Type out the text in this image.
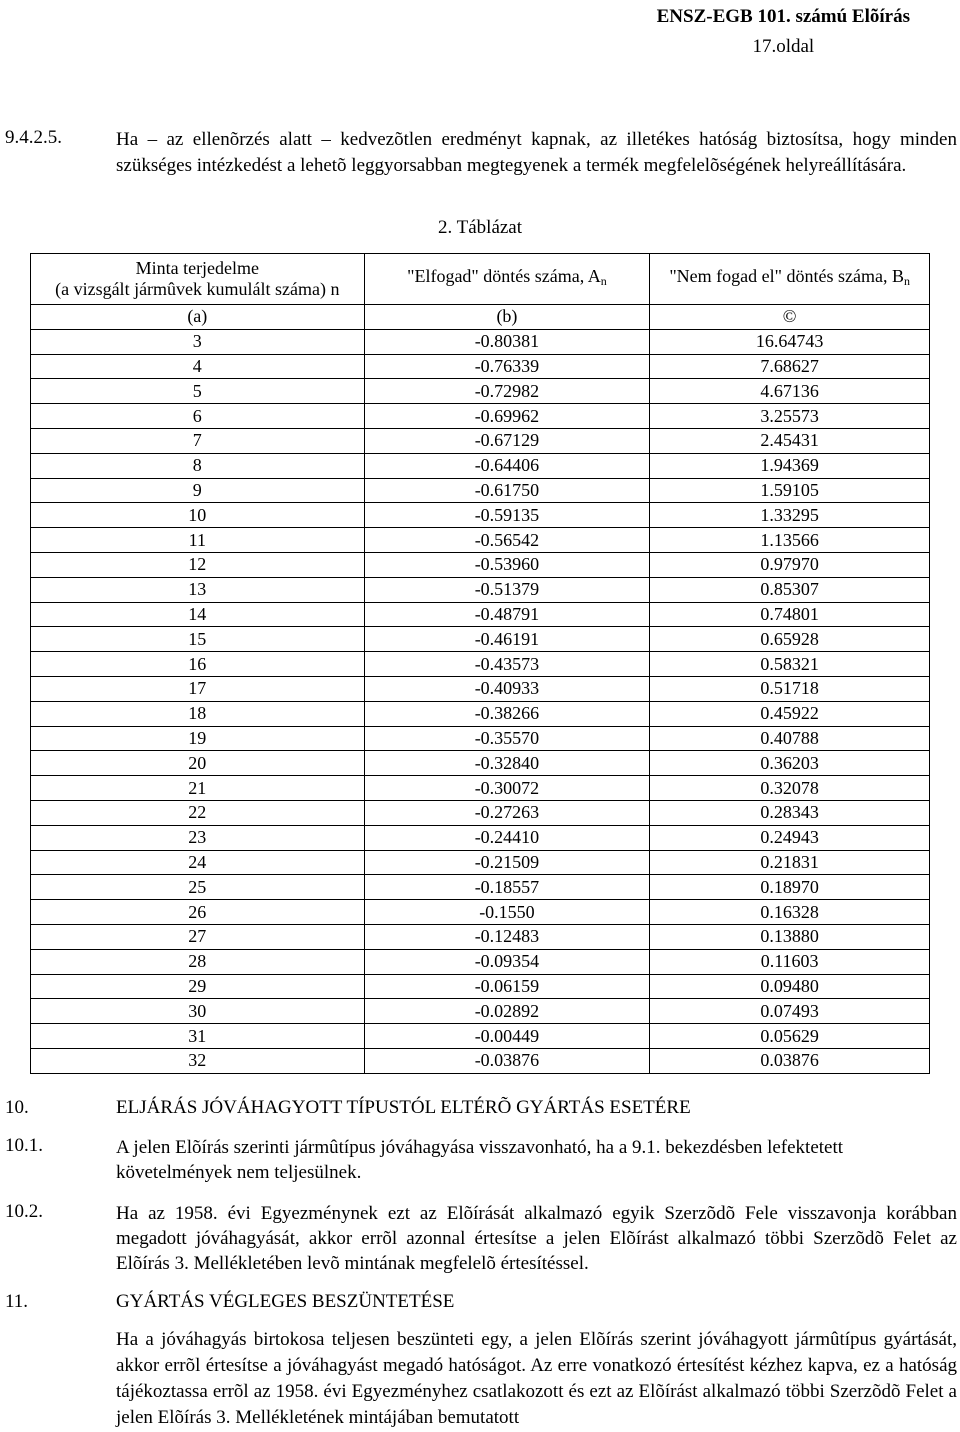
ENSZ-EGB 101. számú Elõírás
17.oldal
9.4.2.5.	Ha – az ellenõrzés alatt – kedvezõtlen eredményt kapnak, az illetékes hatóság biztosítsa, hogy minden szükséges intézkedést a lehetõ leggyorsabban megtegyenek a termék megfelelõségének helyreállítására.
2. Táblázat
Minta terjedelme
(a vizsgált jármûvek kumulált száma) n	"Elfogad" döntés száma, $A_n$	"Nem fogad el" döntés száma, $B_n$
(a)	(b)	©
3	-0.80381	16.64743
4	-0.76339	7.68627
5	-0.72982	4.67136
6	-0.69962	3.25573
7	-0.67129	2.45431
8	-0.64406	1.94369
9	-0.61750	1.59105
10	-0.59135	1.33295
11	-0.56542	1.13566
12	-0.53960	0.97970
13	-0.51379	0.85307
14	-0.48791	0.74801
15	-0.46191	0.65928
16	-0.43573	0.58321
17	-0.40933	0.51718
18	-0.38266	0.45922
19	-0.35570	0.40788
20	-0.32840	0.36203
21	-0.30072	0.32078
22	-0.27263	0.28343
23	-0.24410	0.24943
24	-0.21509	0.21831
25	-0.18557	0.18970
26	-0.1550	0.16328
27	-0.12483	0.13880
28	-0.09354	0.11603
29	-0.06159	0.09480
30	-0.02892	0.07493
31	-0.00449	0.05629
32	-0.03876	0.03876
10.	ELJÁRÁS JÓVÁHAGYOTT TÍPUSTÓL ELTÉRÕ GYÁRTÁS ESETÉRE
10.1.	A jelen Elõírás szerinti jármûtípus jóváhagyása visszavonható, ha a 9.1. bekezdésben lefektetett követelmények nem teljesülnek.
10.2.	Ha az 1958. évi Egyezménynek ezt az Elõírását alkalmazó egyik Szerzõdõ Fele visszavonja korábban megadott jóváhagyását, akkor errõl azonnal értesítse a jelen Elõírást alkalmazó többi Szerzõdõ Felet az Elõírás 3. Mellékletében levõ mintának megfelelõ értesítéssel.
11.	GYÁRTÁS VÉGLEGES BESZÜNTETÉSE
Ha a jóváhagyás birtokosa teljesen beszünteti egy, a jelen Elõírás szerint jóváhagyott jármûtípus gyártását, akkor errõl értesítse a jóváhagyást megadó hatóságot. Az erre vonatkozó értesítést kézhez kapva, ez a hatóság tájékoztassa errõl az 1958. évi Egyezményhez csatlakozott és ezt az Elõírást alkalmazó többi Szerzõdõ Felet a jelen Elõírás 3. Mellékletének mintájában bemutatott
